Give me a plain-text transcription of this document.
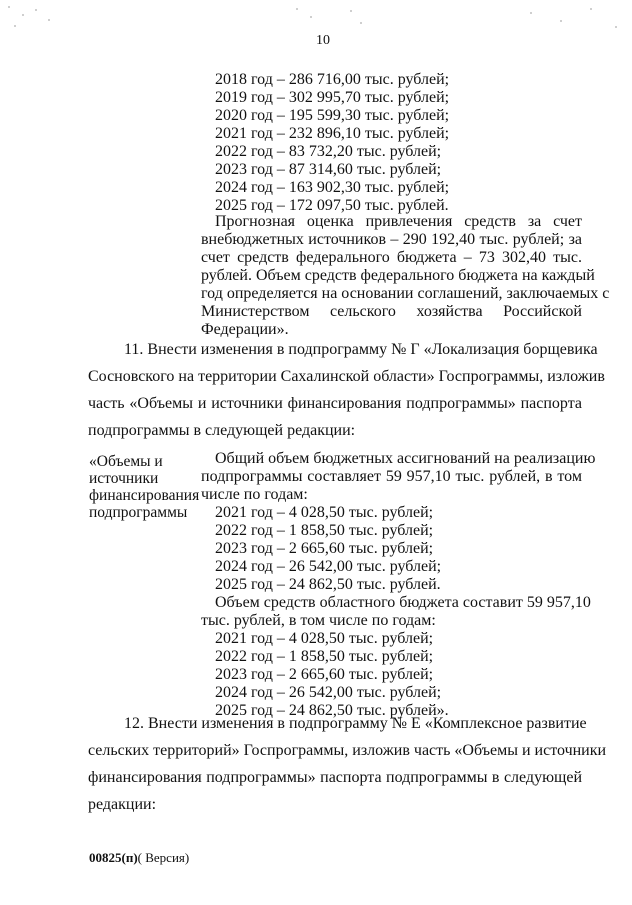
10
2018 год – 286 716,00 тыс. рублей;
2019 год – 302 995,70 тыс. рублей;
2020 год – 195 599,30 тыс. рублей;
2021 год – 232 896,10 тыс. рублей;
2022 год – 83 732,20 тыс. рублей;
2023 год – 87 314,60 тыс. рублей;
2024 год – 163 902,30 тыс. рублей;
2025 год – 172 097,50 тыс. рублей.
Прогнозная оценка привлечения средств за счет
внебюджетных источников – 290 192,40 тыс. рублей; за
счет средств федерального бюджета – 73 302,40 тыс.
рублей. Объем средств федерального бюджета на каждый
год определяется на основании соглашений, заключаемых с
Министерством сельского хозяйства Российской
Федерации».
11. Внести изменения в подпрограмму № Г «Локализация борщевика
Сосновского на территории Сахалинской области» Госпрограммы, изложив
часть «Объемы и источники финансирования подпрограммы» паспорта
подпрограммы в следующей редакции:
«Объемы и
источники
финансирования
подпрограммы
Общий объем бюджетных ассигнований на реализацию
подпрограммы составляет 59 957,10 тыс. рублей, в том
числе по годам:
2021 год – 4 028,50 тыс. рублей;
2022 год – 1 858,50 тыс. рублей;
2023 год – 2 665,60 тыс. рублей;
2024 год – 26 542,00 тыс. рублей;
2025 год – 24 862,50 тыс. рублей.
Объем средств областного бюджета составит 59 957,10
тыс. рублей, в том числе по годам:
2021 год – 4 028,50 тыс. рублей;
2022 год – 1 858,50 тыс. рублей;
2023 год – 2 665,60 тыс. рублей;
2024 год – 26 542,00 тыс. рублей;
2025 год – 24 862,50 тыс. рублей».
12. Внести изменения в подпрограмму № Е «Комплексное развитие
сельских территорий» Госпрограммы, изложив часть «Объемы и источники
финансирования подпрограммы» паспорта подпрограммы в следующей
редакции:
00825(п)( Версия)
